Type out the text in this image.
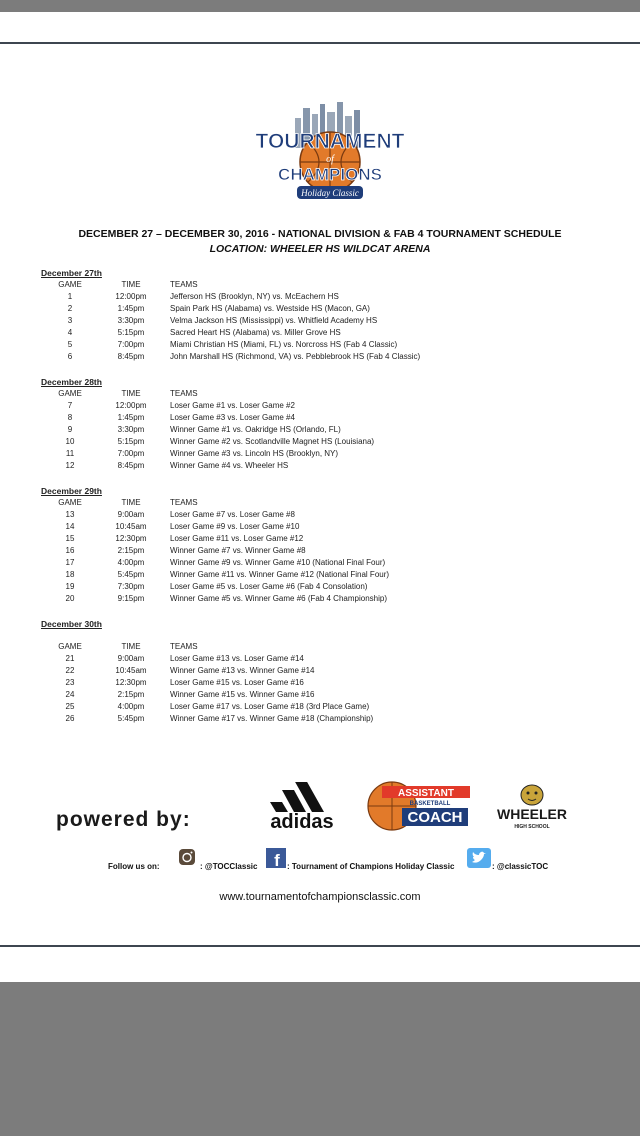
TOURNAMENT
of
CHAMPIONS
Holiday Classic
DECEMBER 27 – DECEMBER 30, 2016 - NATIONAL DIVISION & FAB 4 TOURNAMENT SCHEDULE
LOCATION: WHEELER HS WILDCAT ARENA
December 27th
GAME	TIME	TEAMS
1	12:00pm	Jefferson HS (Brooklyn, NY) vs. McEachern HS
2	1:45pm	Spain Park HS (Alabama) vs. Westside HS (Macon, GA)
3	3:30pm	Velma Jackson HS (Mississippi) vs. Whitfield Academy HS
4	5:15pm	Sacred Heart HS (Alabama) vs. Miller Grove HS
5	7:00pm	Miami Christian HS (Miami, FL) vs. Norcross HS (Fab 4 Classic)
6	8:45pm	John Marshall HS (Richmond, VA) vs. Pebblebrook HS (Fab 4 Classic)
December 28th
GAME	TIME	TEAMS
7	12:00pm	Loser Game #1 vs. Loser Game #2
8	1:45pm	Loser Game #3 vs. Loser Game #4
9	3:30pm	Winner Game #1 vs. Oakridge HS (Orlando, FL)
10	5:15pm	Winner Game #2 vs. Scotlandville Magnet HS (Louisiana)
11	7:00pm	Winner Game #3 vs. Lincoln HS (Brooklyn, NY)
12	8:45pm	Winner Game #4 vs. Wheeler HS
December 29th
GAME	TIME	TEAMS
13	9:00am	Loser Game #7 vs. Loser Game #8
14	10:45am	Loser Game #9 vs. Loser Game #10
15	12:30pm	Loser Game #11 vs. Loser Game #12
16	2:15pm	Winner Game #7 vs. Winner Game #8
17	4:00pm	Winner Game #9 vs. Winner Game #10 (National Final Four)
18	5:45pm	Winner Game #11 vs. Winner Game #12 (National Final Four)
19	7:30pm	Loser Game #5 vs. Loser Game #6 (Fab 4 Consolation)
20	9:15pm	Winner Game #5 vs. Winner Game #6 (Fab 4 Championship)
December 30th
GAME	TIME	TEAMS
21	9:00am	Loser Game #13 vs. Loser Game #14
22	10:45am	Winner Game #13 vs. Winner Game #14
23	12:30pm	Loser Game #15 vs. Loser Game #16
24	2:15pm	Winner Game #15 vs. Winner Game #16
25	4:00pm	Loser Game #17 vs. Loser Game #18 (3rd Place Game)
26	5:45pm	Winner Game #17 vs. Winner Game #18 (Championship)
powered by:	adidas
ASSISTANT
BASKETBALL
COACH WHEELER
HIGH SCHOOL
Follow us on:	: @TOCClassic f : Tournament of Champions Holiday Classic	: @classicTOC
www.tournamentofchampionsclassic.com
